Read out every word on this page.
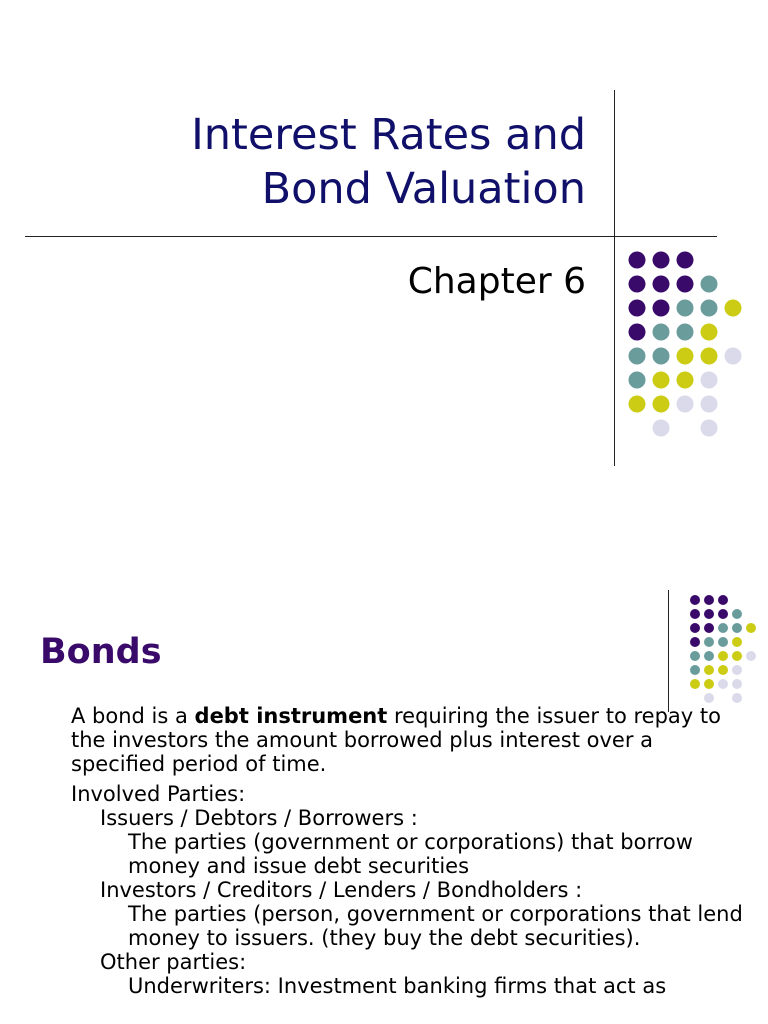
Interest Rates and
Bond Valuation
Chapter 6
Bonds

A bond is a debt instrument requiring the issuer to repay to the investors the amount borrowed plus interest over a specified period of time.

Involved Parties:

Issuers / Debtors / Borrowers :

The parties (government or corporations) that borrow money and issue debt securities

Investors / Creditors / Lenders / Bondholders :

The parties (person, government or corporations that lend money to issuers. (they buy the debt securities).

Other parties:

Underwriters: Investment banking firms that act as
